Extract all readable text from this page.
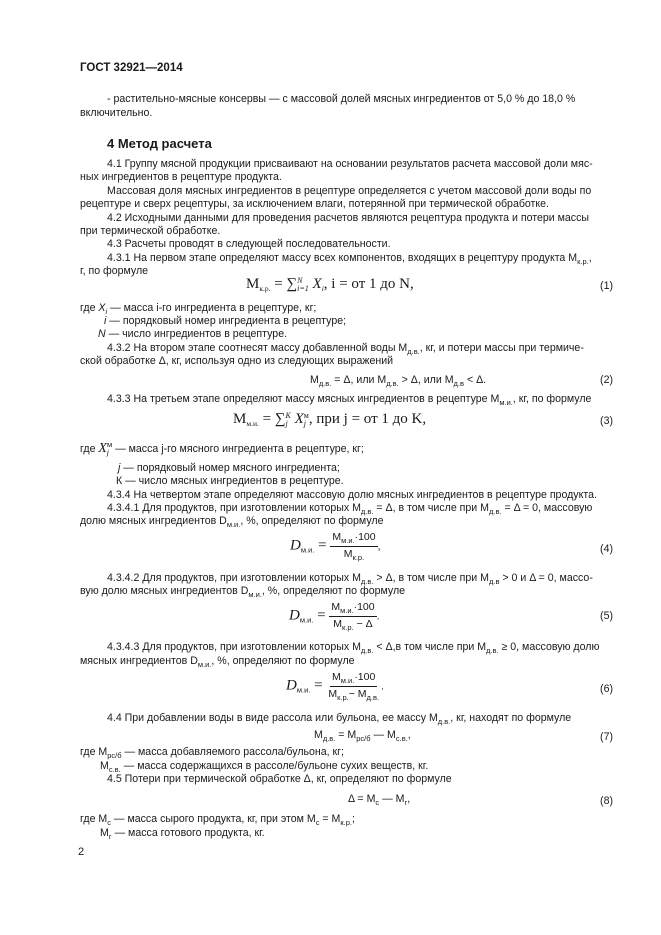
ГОСТ 32921—2014
- растительно-мясные консервы — с массовой долей мясных ингредиентов от 5,0 % до 18,0 %
включительно.
4 Метод расчета
4.1 Группу мясной продукции присваивают на основании результатов расчета массовой доли мяс-
ных ингредиентов в рецептуре продукта.
Массовая доля мясных ингредиентов в рецептуре определяется с учетом массовой доли воды по
рецептуре и сверх рецептуры, за исключением влаги, потерянной при термической обработке.
4.2 Исходными данными для проведения расчетов являются рецептура продукта и потери массы
при термической обработке.
4.3 Расчеты проводят в следующей последовательности.
4.3.1 На первом этапе определяют массу всех компонентов, входящих в рецептуру продукта $М_{к.р.}$,
г, по формуле
$М_{к.р.}$ = ∑ N
i=1 $X_i$, i = от 1 до N,	(1)
где $X_i$ — масса i-го ингредиента в рецептуре, кг;
i — порядковый номер ингредиента в рецептуре;
N — число ингредиентов в рецептуре.
4.3.2 На втором этапе соотнесят массу добавленной воды $М_{д.в.}$, кг, и потери массы при термиче-
ской обработке Δ, кг, используя одно из следующих выражений
$М_{д.в.} = \Delta$, или $М_{д.в.} > \Delta$, или $М_{д.в} < \Delta$.	(2)
4.3.3 На третьем этапе определяют массу мясных ингредиентов в рецептуре $М_{м.и.}$, кг, по формуле
$М_{м.и.}$ = ∑ K
j X м
j , при j = от 1 до K,	(3)
где X м
j — масса j-го мясного ингредиента в рецептуре, кг;
j — порядковый номер мясного ингредиента;
К — число мясных ингредиентов в рецептуре.
4.3.4 На четвертом этапе определяют массовую долю мясных ингредиентов в рецептуре продукта.
4.3.4.1 Для продуктов, при изготовлении которых $М_{д.в.} = \Delta$, в том числе при $М_{д.в.} = \Delta = 0$, массовую
долю мясных ингредиентов $D_{м.и.}$, %, определяют по формуле
$D_{м.и.} = \frac{М_{м.и.}\cdot 100}{М_{к.р.}}$ ,	(4)
4.3.4.2 Для продуктов, при изготовлении которых $М_{д.в.} > \Delta$, в том числе при $М_{д.в} > 0$ и Δ = 0, массо-
вую долю мясных ингредиентов $D_{м.и.}$, %, определяют по формуле
$D_{м.и.} = \frac{М_{м.и.}\cdot 100}{М_{к.р.} - \Delta}$ .	(5)
4.3.4.3 Для продуктов, при изготовлении которых $М_{д.в.} < \Delta,в$ том числе при $М_{д.в.} \ge 0$, массовую долю
мясных ингредиентов $D_{м.и.}$, %, определяют по формуле
$D_{м.и.} = \frac{М_{м.и.}\cdot 100}{М_{к.р.}- М_{д.в.}}$ .	(6)
4.4 При добавлении воды в виде рассола или бульона, ее массу $М_{д.в.}$, кг, находят по формуле
$М_{д.в.} = М_{рс/б}$ — $М_{с.в.}$,	(7)
где $М_{рс/б}$ — масса добавляемого рассола/бульона, кг;
$М_{с.в.}$ — масса содержащихся в рассоле/бульоне сухих веществ, кг.
4.5 Потери при термической обработке Δ, кг, определяют по формуле
$\Delta = М_с$ — $М_г$,	(8)
где $М_с$ — масса сырого продукта, кг, при этом $М_с = М_{к.р.}$;
$М_г$ — масса готового продукта, кг.
2
